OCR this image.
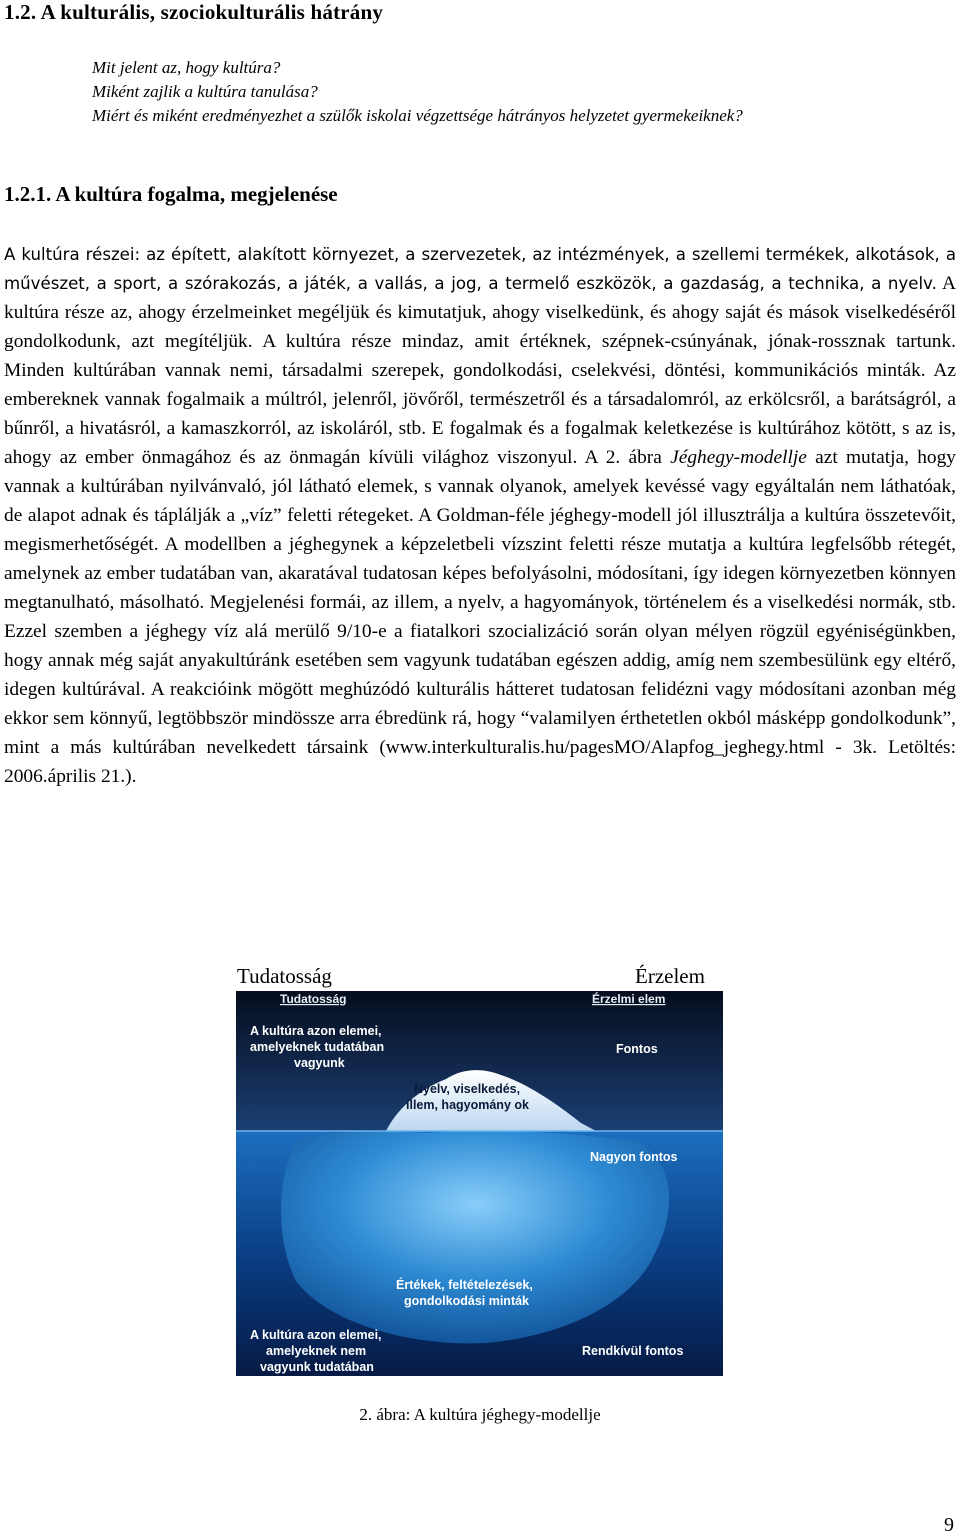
1.2. A kulturális, szociokulturális hátrány
Mit jelent az, hogy kultúra?
Miként zajlik a kultúra tanulása?
Miért és miként eredményezhet a szülők iskolai végzettsége hátrányos helyzetet gyermekeiknek?
1.2.1. A kultúra fogalma, megjelenése
A kultúra részei: az épített, alakított környezet, a szervezetek, az intézmények, a szellemi termékek, alkotások, a művészet, a sport, a szórakozás, a játék, a vallás, a jog, a termelő eszközök, a gazdaság, a technika, a nyelv. A kultúra része az, ahogy érzelmeinket megéljük és kimutatjuk, ahogy viselkedünk, és ahogy saját és mások viselkedéséről gondolkodunk, azt megítéljük. A kultúra része mindaz, amit értéknek, szépnek-csúnyának, jónak-rossznak tartunk. Minden kultúrában vannak nemi, társadalmi szerepek, gondolkodási, cselekvési, döntési, kommunikációs minták. Az embereknek vannak fogalmaik a múltról, jelenről, jövőről, természetről és a társadalomról, az erkölcsről, a barátságról, a bűnről, a hivatásról, a kamaszkorról, az iskoláról, stb. E fogalmak és a fogalmak keletkezése is kultúrához kötött, s az is, ahogy az ember önmagához és az önmagán kívüli világhoz viszonyul. A 2. ábra Jéghegy-modellje azt mutatja, hogy vannak a kultúrában nyilvánvaló, jól látható elemek, s vannak olyanok, amelyek kevéssé vagy egyáltalán nem láthatóak, de alapot adnak és táplálják a „víz” feletti rétegeket. A Goldman-féle jéghegy-modell jól illusztrálja a kultúra összetevőit, megismerhetőségét. A modellben a jéghegynek a képzeletbeli vízszint feletti része mutatja a kultúra legfelsőbb rétegét, amelynek az ember tudatában van, akaratával tudatosan képes befolyásolni, módosítani, így idegen környezetben könnyen megtanulható, másolható. Megjelenési formái, az illem, a nyelv, a hagyományok, történelem és a viselkedési normák, stb. Ezzel szemben a jéghegy víz alá merülő 9/10-e a fiatalkori szocializáció során olyan mélyen rögzül egyéniségünkben, hogy annak még saját anyakultúránk esetében sem vagyunk tudatában egészen addig, amíg nem szembesülünk egy eltérő, idegen kultúrával. A reakcióink mögött meghúzódó kulturális hátteret tudatosan felidézni vagy módosítani azonban még ekkor sem könnyű, legtöbbször mindössze arra ébredünk rá, hogy “valamilyen érthetetlen okból másképp gondolkodunk”, mint a más kultúrában nevelkedett társaink (www.interkulturalis.hu/pagesMO/Alapfog_jeghegy.html - 3k. Letöltés: 2006.április 21.).
Tudatosság	Érzelem
Tudatosság	Érzelmi elem
A kultúra azon elemei,
amelyeknek tudatában
vagyunk
Fontos
Nyelv, viselkedés,
illem, hagyomány ok
Nagyon fontos
Értékek, feltételezések,
gondolkodási minták
A kultúra azon elemei,
amelyeknek nem
vagyunk tudatában
Rendkívül fontos
2. ábra: A kultúra jéghegy-modellje
9
